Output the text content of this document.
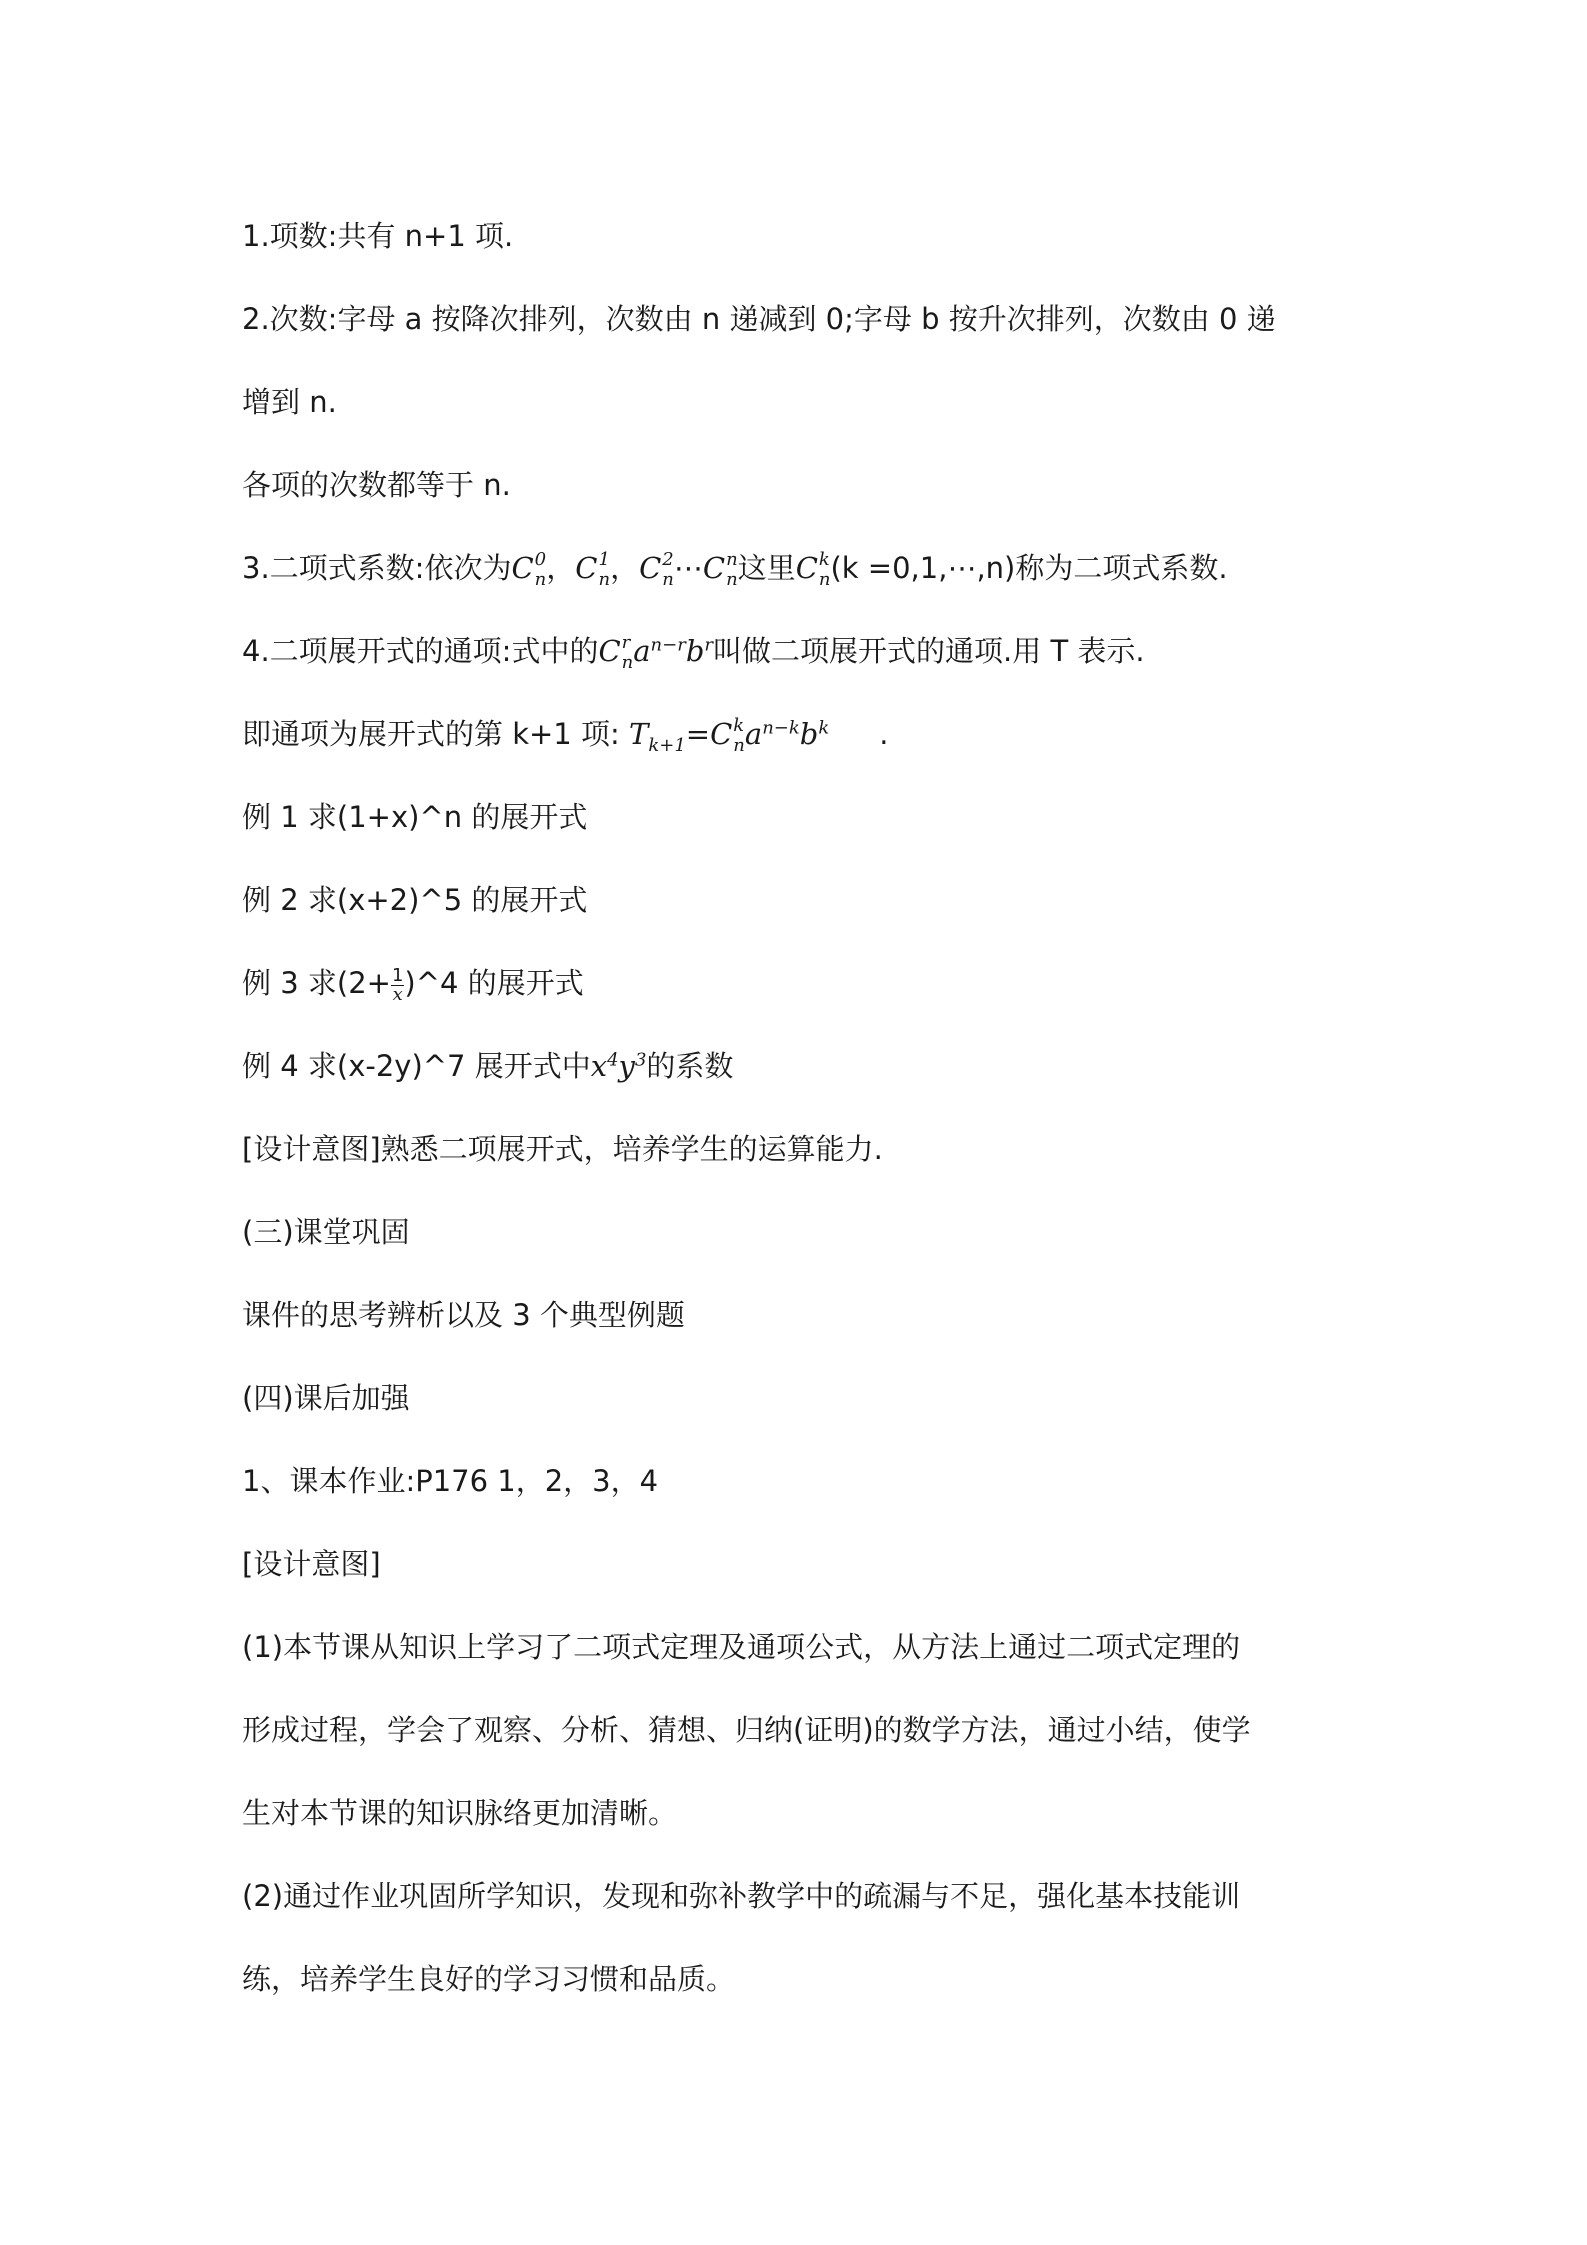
1.项数:共有 n+1 项.

2.次数:字母 a 按降次排列，次数由 n 递减到 0;字母 b 按升次排列，次数由 0 递

增到 n.

各项的次数都等于 n.

3.二项式系数:依次为C 0
n ，C 1
n ，C 2
n ⋯C n
n 这里C k
n (k =0,1,⋯,n)称为二项式系数.

4.二项展开式的通项:式中的C r
n $a^{n-r}b^r$叫做二项展开式的通项.用 T 表示.

即通项为展开式的第 k+1 项: $T_{k+1}=C$ k
n $a^{n-k}b^k$ .

例 1 求(1+x)^n 的展开式

例 2 求(x+2)^5 的展开式

例 3 求($2+ \frac{1}{x}$ )^4 的展开式

例 4 求(x-2y)^7 展开式中$x^4y^3$的系数

[设计意图]熟悉二项展开式，培养学生的运算能力.

(三)课堂巩固

课件的思考辨析以及 3 个典型例题

(四)课后加强

1、课本作业:P176 1，2，3，4

[设计意图]

(1)本节课从知识上学习了二项式定理及通项公式，从方法上通过二项式定理的

形成过程，学会了观察、分析、猜想、归纳(证明)的数学方法，通过小结，使学

生对本节课的知识脉络更加清晰。

(2)通过作业巩固所学知识，发现和弥补教学中的疏漏与不足，强化基本技能训

练，培养学生良好的学习习惯和品质。
